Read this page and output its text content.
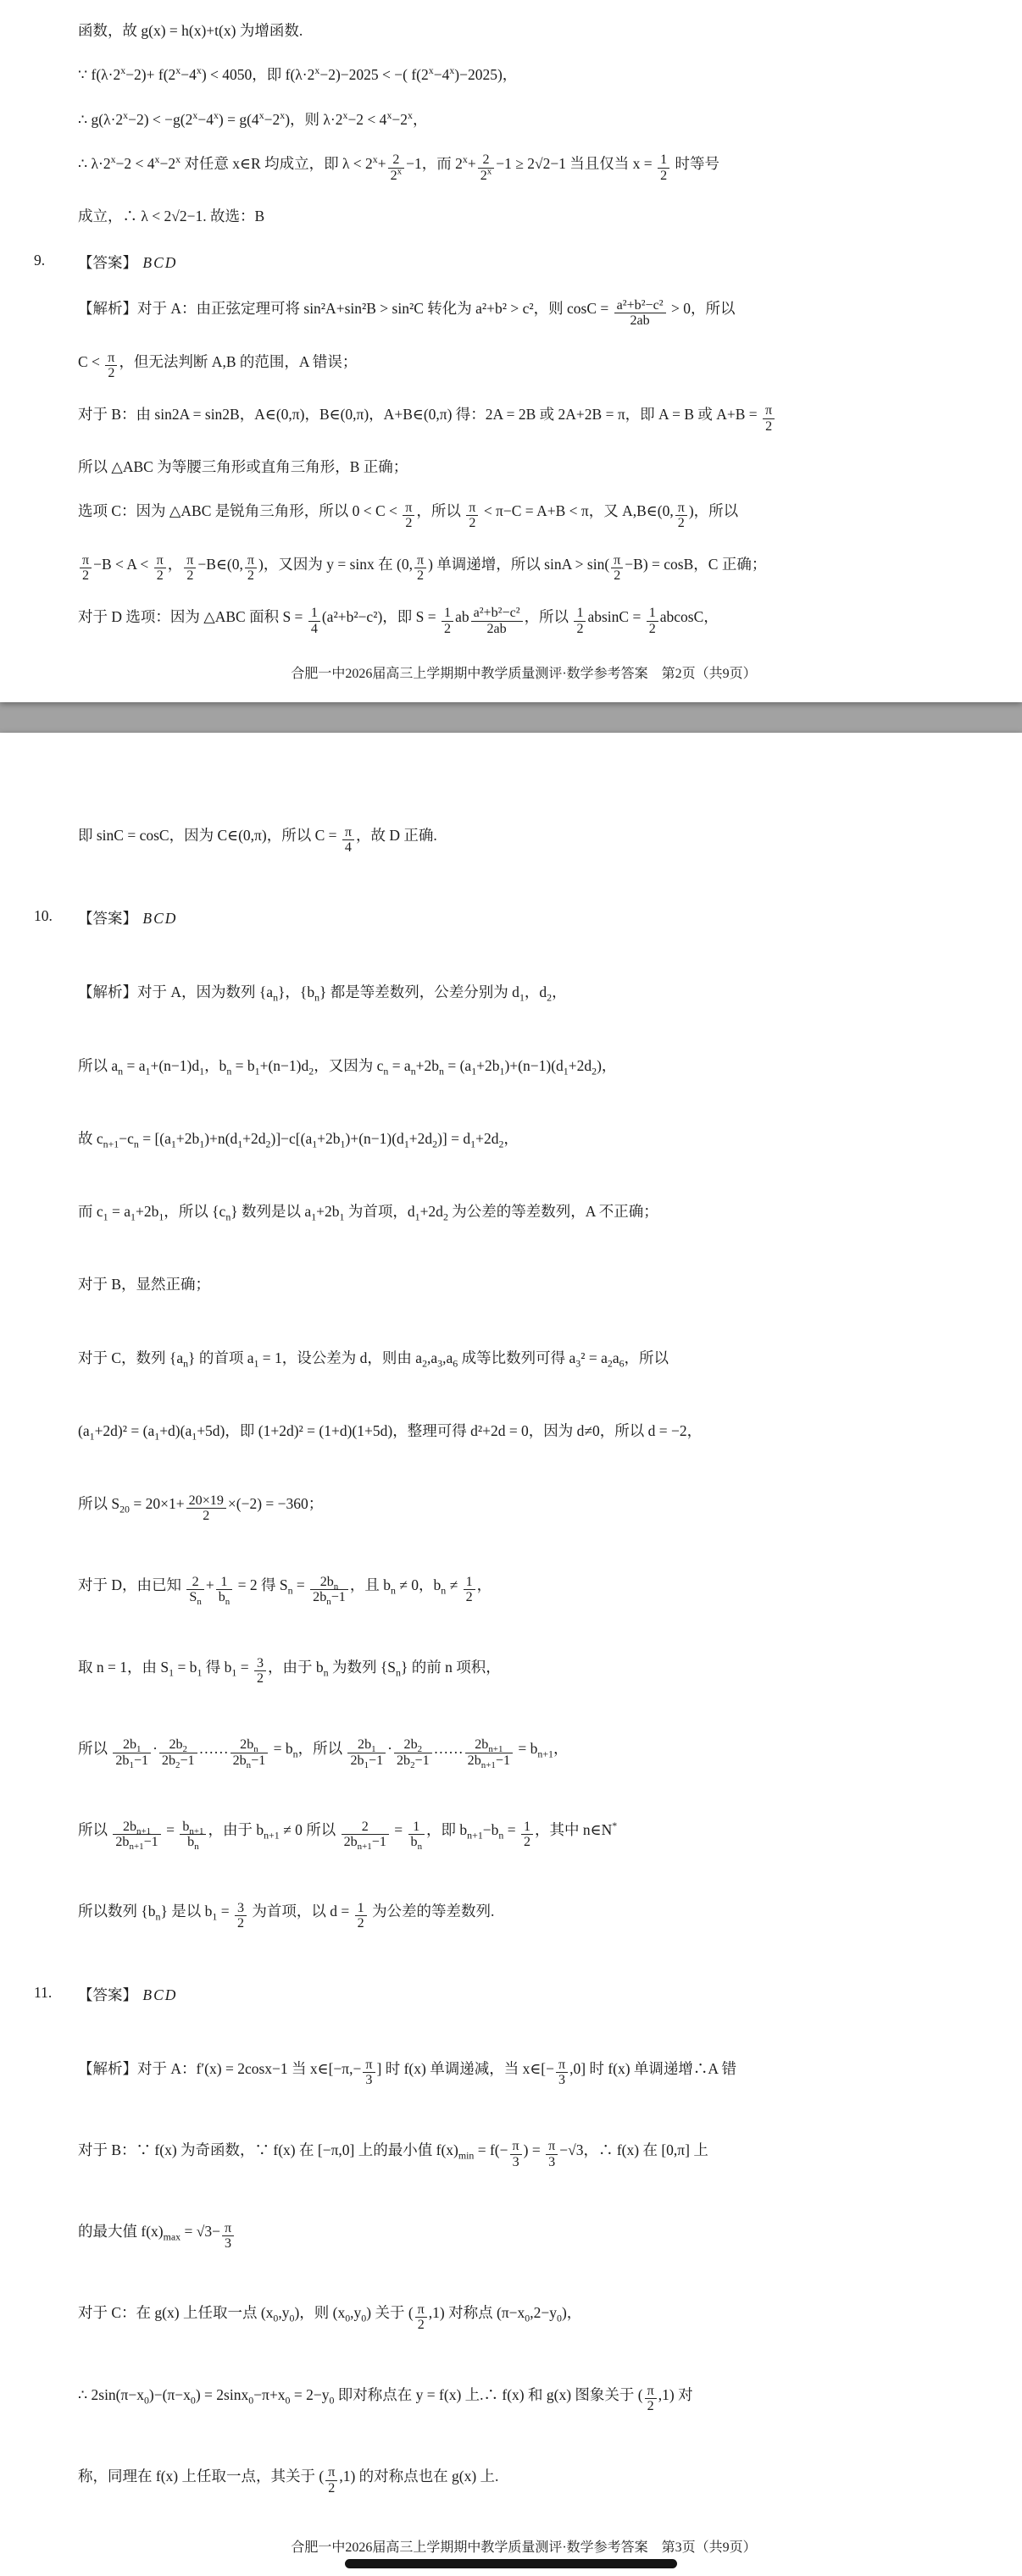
函数，故 g(x) = h(x)+t(x) 为增函数.

∵ $f(\lambda\cdot 2^x-2)+ f(2^x-4^x) < 4050$，即 $f(\lambda\cdot 2^x-2)-2025$ < −( $f(2^x-4^x)-2025$)，

∴ $g(\lambda\cdot 2^x-2) < -g(2^x-4^x) = g(4^x-2^x)$，则 $\lambda\cdot 2^x-2 < 4^x-2^x$，

∴ $\lambda\cdot 2^x-2 < 4^x-2^x$ 对任意 x∈R 均成立，即 $\lambda < 2^x+ \frac{2}{2^x} -1$，而 $2^x+ \frac{2}{2^x} -1 \ge 2√2-1$ 当且仅当 $x = \frac{1}{2}$ 时等号

成立，∴ λ < 2√2−1. 故选：B

9. 【答案】 BCD

【解析】对于 A：由正弦定理可将 sin²A+sin²B > sin²C 转化为 a²+b² > c²，则 $\cos C = \frac{\text{a²+b²−c²}}{2ab} > 0$，所以

$C < \frac{\pi}{2}$ ，但无法判断 A,B 的范围，A 错误；

对于 B：由 sin2A = sin2B，A∈(0,π)，B∈(0,π)，A+B∈(0,π) 得：2A = 2B 或 2A+2B = π，即 A = B 或 $A+B = \frac{\pi}{2}$

所以 △ABC 为等腰三角形或直角三角形，B 正确；

选项 C：因为 △ABC 是锐角三角形，所以 $0 < C < \frac{\pi}{2}$ ，所以 $\frac{\pi}{2} < \pi-C = A+B < \pi$，又 A,B∈(0, $\frac{\pi}{2}$ )，所以

$\frac{\pi}{2} -B < A < \frac{\pi}{2}$ ， $\frac{\pi}{2}$ −B∈(0, $\frac{\pi}{2}$ )，又因为 y = sinx 在 (0, $\frac{\pi}{2}$ ) 单调递增，所以 $\sin A > \sin( \frac{\pi}{2} -B) = \cos B$，C 正确；

对于 D 选项：因为 △ABC 面积 $S = \frac{1}{4} (a^2+b^2-c^2)$，即 $S = \frac{1}{2}$ ab $\frac{\text{a²+b²−c²}}{2ab}$ ，所以 $\frac{1}{2}$ $absinC = \frac{1}{2}$ abcosC，

合肥一中2026届高三上学期期中教学质量测评·数学参考答案 第2页（共9页）

即 sinC = cosC，因为 C∈(0,π)，所以 $C = \frac{\pi}{4}$ ，故 D 正确.

10. 【答案】 BCD

【解析】对于 A，因为数列 $\{a_n\}$，$\{b_n\}$ 都是等差数列，公差分别为 $d_1$，$d_2$，

所以 $a_n = a_1+(n-1)d_1$，$b_n = b_1+(n-1)d_2$，又因为 $c_n = a_n+2b_n = (a_1+2b_1)+(n-1)(d_1+2d_2)$，

故 $c_{n+1}-c_n = [(a_1+2b_1)+n(d_1+2d_2)]-c[(a_1+2b_1)+(n-1)(d_1+2d_2)] = d_1+2d_2$，

而 $c_1 = a_1+2b_1$，所以 $\{c_n\}$ 数列是以 $a_1+2b_1$ 为首项，$d_1+2d_2$ 为公差的等差数列，A 不正确；

对于 B，显然正确；

对于 C，数列 $\{a_n\}$ 的首项 $a_1 = 1$，设公差为 d，则由 $a_2,a_3,a_6$ 成等比数列可得 $a_3^2 = a_2a_6$，所以

$(a_1+2d)^2 = (a_1+d)(a_1+5d)$，即 (1+2d)² = (1+d)(1+5d)，整理可得 d²+2d = 0，因为 d≠0，所以 d = −2，

所以 $S_{20} = 20\times 1+ \frac{20\times 19}{2} \times(-2) = -360$；

对于 D，由已知 $\frac{2}{S_n} + \frac{1}{b_n} = 2$ 得 $S_n = \frac{2b_n}{2b_n-1}$ ，且 $b_n \ne 0$，$b_n \ne \frac{1}{2}$ ，

取 n = 1，由 $S_1 = b_1$ 得 $b_1 = \frac{3}{2}$ ，由于 $b_n$ 为数列 $\{S_n\}$ 的前 n 项积，

所以 $\frac{2b_1}{2b_1-1} \cdot \frac{2b_2}{2b_2-1}$ …… $\frac{2b_n}{2b_n-1} = b_n$，所以 $\frac{2b_1}{2b_1-1} \cdot \frac{2b_2}{2b_2-1}$ …… $\frac{2b_{n+1}}{2b_{n+1}-1} = b_{n+1}$，

所以 $\frac{2b_{n+1}}{2b_{n+1}-1} = \frac{b_{n+1}}{b_n}$ ，由于 $b_{n+1} \ne 0$ 所以 $\frac{2}{2b_{n+1}-1} = \frac{1}{b_n}$ ，即 $b_{n+1}-b_n = \frac{1}{2}$ ，其中 n∈N*

所以数列 $\{b_n\}$ 是以 $b_1 = \frac{3}{2}$ 为首项，以 $d = \frac{1}{2}$ 为公差的等差数列.

11. 【答案】 BCD

【解析】对于 A：f′(x) = 2cosx−1 当 x∈[−π,− $\frac{\pi}{3}$ ] 时 f(x) 单调递减，当 x∈[− $\frac{\pi}{3} ,0$] 时 f(x) 单调递增∴A 错

对于 B：∵ f(x) 为奇函数，∵ f(x) 在 [−π,0] 上的最小值 $f(x)_{min} = f(- \frac{\pi}{3}$ ) = $\frac{\pi}{3} -√3$，∴ f(x) 在 [0,π] 上

的最大值 $f(x)_{max} = √3- \frac{\pi}{3}$

对于 C：在 g(x) 上任取一点 $(x_0,y_0)$，则 $(x_0,y_0)$ 关于 ( $\frac{\pi}{2} ,1$) 对称点 $(\pi-x_0,2-y_0)$，

∴ $2\sin(\pi-x_0)-(\pi-x_0) = 2\sin x_0-\pi+x_0 = 2-y_0$ 即对称点在 y = f(x) 上.∴ f(x) 和 g(x) 图象关于 ( $\frac{\pi}{2} ,1$) 对

称，同理在 f(x) 上任取一点，其关于 ( $\frac{\pi}{2} ,1$) 的对称点也在 g(x) 上.

合肥一中2026届高三上学期期中教学质量测评·数学参考答案 第3页（共9页）
